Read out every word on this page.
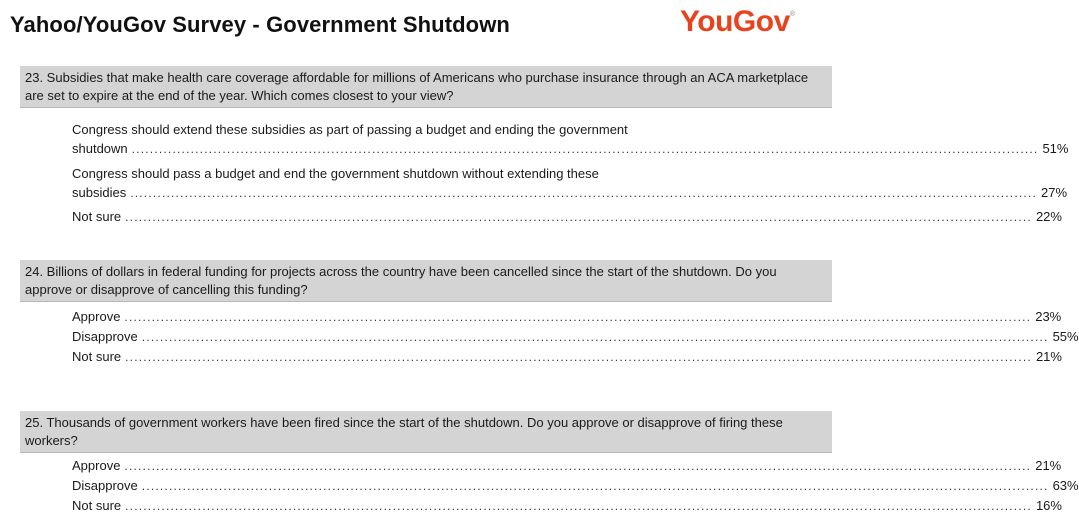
Yahoo/YouGov Survey - Government Shutdown	YouGov®
23. Subsidies that make health care coverage affordable for millions of Americans who purchase insurance through an ACA marketplace are set to expire at the end of the year. Which comes closest to your view?
Congress should extend these subsidies as part of passing a budget and ending the government
shutdown ........................................................................................................................................................................................................ 51%
Congress should pass a budget and end the government shutdown without extending these
subsidies ........................................................................................................................................................................................................ 27%
Not sure ........................................................................................................................................................................................................ 22%
24. Billions of dollars in federal funding for projects across the country have been cancelled since the start of the shutdown. Do you approve or disapprove of cancelling this funding?
Approve ........................................................................................................................................................................................................ 23%
Disapprove ........................................................................................................................................................................................................ 55%
Not sure ........................................................................................................................................................................................................ 21%
25. Thousands of government workers have been fired since the start of the shutdown. Do you approve or disapprove of firing these workers?
Approve ........................................................................................................................................................................................................ 21%
Disapprove ........................................................................................................................................................................................................ 63%
Not sure ........................................................................................................................................................................................................ 16%
